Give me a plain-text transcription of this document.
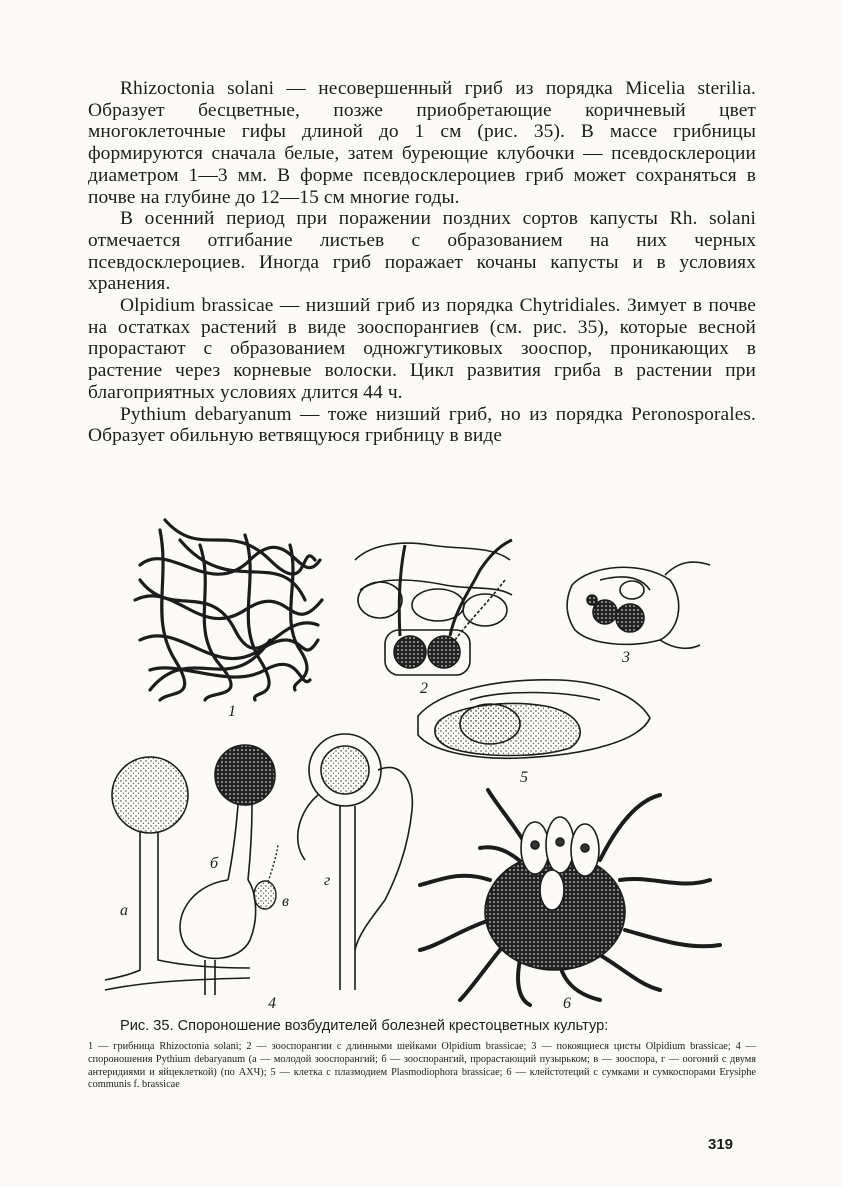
Rhizoctonia solani — несовершенный гриб из порядка Micelia sterilia. Образует бесцветные, позже приобретающие коричневый цвет многоклеточные гифы длиной до 1 см (рис. 35). В массе грибницы формируются сначала белые, затем буреющие клубочки — псевдосклероции диаметром 1—3 мм. В форме псевдосклероциев гриб может сохраняться в почве на глубине до 12—15 см многие годы.

В осенний период при поражении поздних сортов капусты Rh. solani отмечается отгибание листьев с образованием на них черных псевдосклероциев. Иногда гриб поражает кочаны капусты и в условиях хранения.

Olpidium brassicae — низший гриб из порядка Chytridiales. Зимует в почве на остатках растений в виде зооспорангиев (см. рис. 35), которые весной прорастают с образованием одножгутиковых зооспор, проникающих в растение через корневые волоски. Цикл развития гриба в растении при благоприятных условиях длится 44 ч.

Pythium debaryanum — тоже низший гриб, но из порядка Peronosporales. Образует обильную ветвящуюся грибницу в виде

1
2
3
5
а
б
в
г
4	6
Рис. 35. Спороношение возбудителей болезней крестоцветных культур:
1 — грибница Rhizoctonia solani; 2 — зооспорангии с длинными шейками Olpidium brassicae; 3 — покоящиеся цисты Olpidium brassicae; 4 — спороношения Pythium debaryanum (а — молодой зооспорангий; б — зооспорангий, прорастающий пузырьком; в — зооспора, г — оогоний с двумя антеридиями и яйцеклеткой) (по АХЧ); 5 — клетка с плазмодием Plasmodiophora brassicae; 6 — клейстотеций с сумками и сумкоспорами Erysiphe communis f. brassicae
319
